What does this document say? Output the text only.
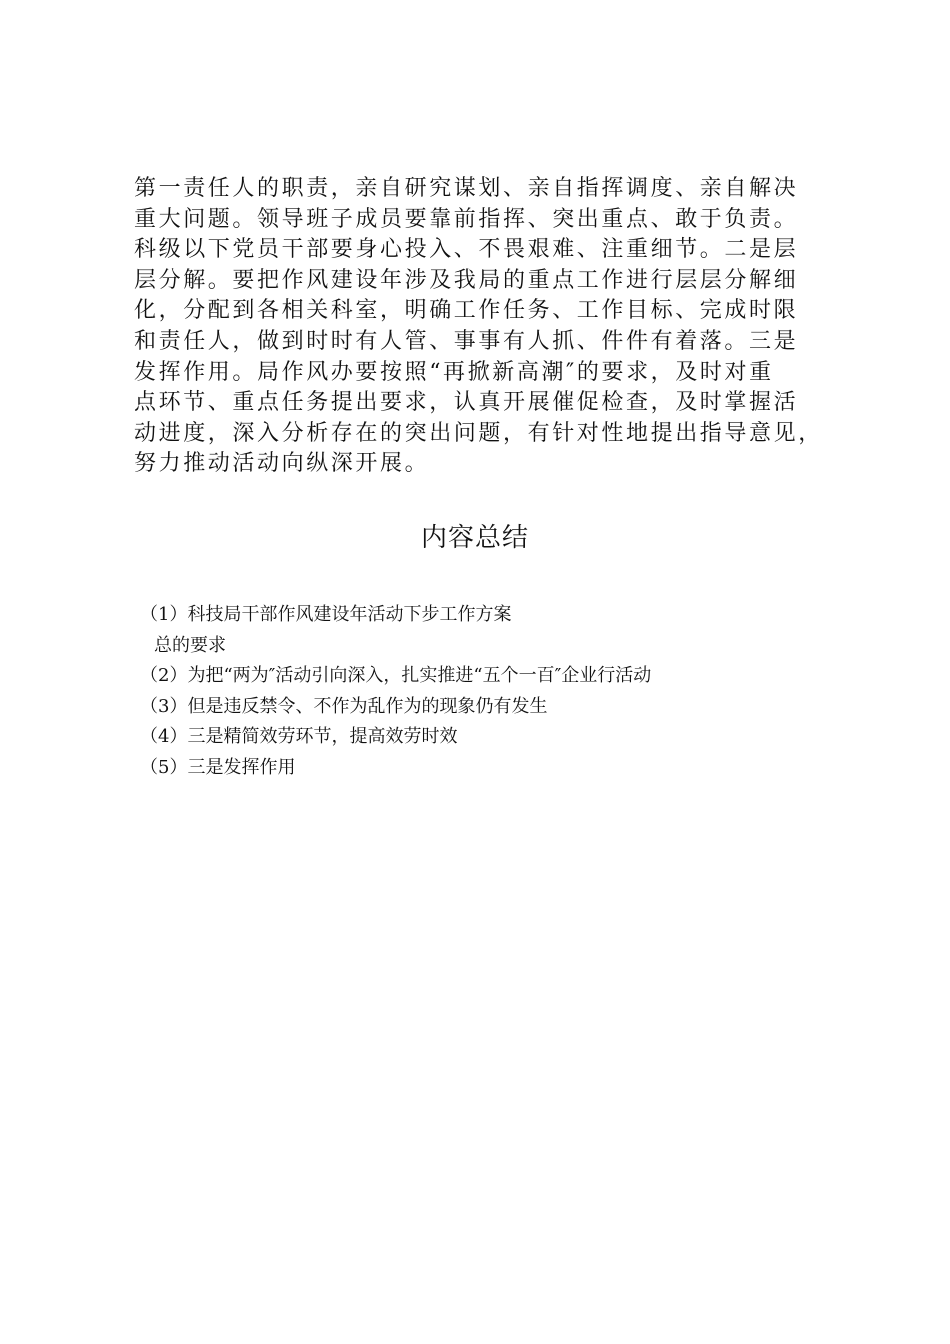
第一责任人的职责，亲自研究谋划、亲自指挥调度、亲自解决
重大问题。领导班子成员要靠前指挥、突出重点、敢于负责。
科级以下党员干部要身心投入、不畏艰难、注重细节。二是层
层分解。要把作风建设年涉及我局的重点工作进行层层分解细
化，分配到各相关科室，明确工作任务、工作目标、完成时限
和责任人，做到时时有人管、事事有人抓、件件有着落。三是
发挥作用。局作风办要按照“再掀新高潮″的要求，及时对重
点环节、重点任务提出要求，认真开展催促检查，及时掌握活
动进度，深入分析存在的突出问题，有针对性地提出指导意见，
努力推动活动向纵深开展。
内容总结
（1）科技局干部作风建设年活动下步工作方案
总的要求
（2）为把“两为″活动引向深入，扎实推进“五个一百″企业行活动
（3）但是违反禁令、不作为乱作为的现象仍有发生
（4）三是精简效劳环节，提高效劳时效
（5）三是发挥作用
